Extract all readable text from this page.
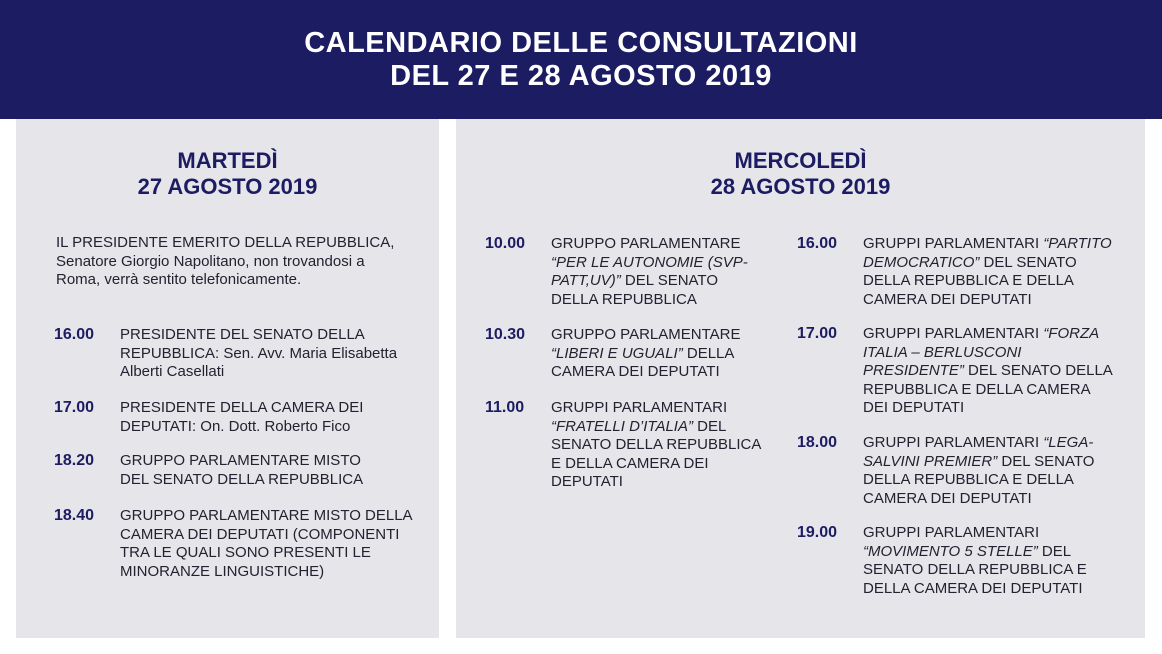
CALENDARIO DELLE CONSULTAZIONI
DEL 27 E 28 AGOSTO 2019
MARTEDÌ
27 AGOSTO 2019
IL PRESIDENTE EMERITO DELLA REPUBBLICA, Senatore Giorgio Napolitano, non trovandosi a Roma, verrà sentito telefonicamente.
16.00	PRESIDENTE DEL SENATO DELLA REPUBBLICA: Sen. Avv. Maria Elisabetta Alberti Casellati
17.00	PRESIDENTE DELLA CAMERA DEI DEPUTATI: On. Dott. Roberto Fico
18.20	GRUPPO PARLAMENTARE MISTO DEL SENATO DELLA REPUBBLICA
18.40	GRUPPO PARLAMENTARE MISTO DELLA CAMERA DEI DEPUTATI (COMPONENTI TRA LE QUALI SONO PRESENTI LE MINORANZE LINGUISTICHE)
MERCOLEDÌ
28 AGOSTO 2019
10.00	GRUPPO PARLAMENTARE “PER LE AUTONOMIE (SVP-PATT,UV)” DEL SENATO DELLA REPUBBLICA
10.30	GRUPPO PARLAMENTARE “LIBERI E UGUALI” DELLA CAMERA DEI DEPUTATI
11.00	GRUPPI PARLAMENTARI “FRATELLI D’ITALIA” DEL SENATO DELLA REPUBBLICA E DELLA CAMERA DEI DEPUTATI
16.00	GRUPPI PARLAMENTARI “PARTITO DEMOCRATICO” DEL SENATO DELLA REPUBBLICA E DELLA CAMERA DEI DEPUTATI
17.00	GRUPPI PARLAMENTARI “FORZA ITALIA – BERLUSCONI PRESIDENTE” DEL SENATO DELLA REPUBBLICA E DELLA CAMERA DEI DEPUTATI
18.00	GRUPPI PARLAMENTARI “LEGA-SALVINI PREMIER” DEL SENATO DELLA REPUBBLICA E DELLA CAMERA DEI DEPUTATI
19.00	GRUPPI PARLAMENTARI “MOVIMENTO 5 STELLE” DEL SENATO DELLA REPUBBLICA E DELLA CAMERA DEI DEPUTATI
